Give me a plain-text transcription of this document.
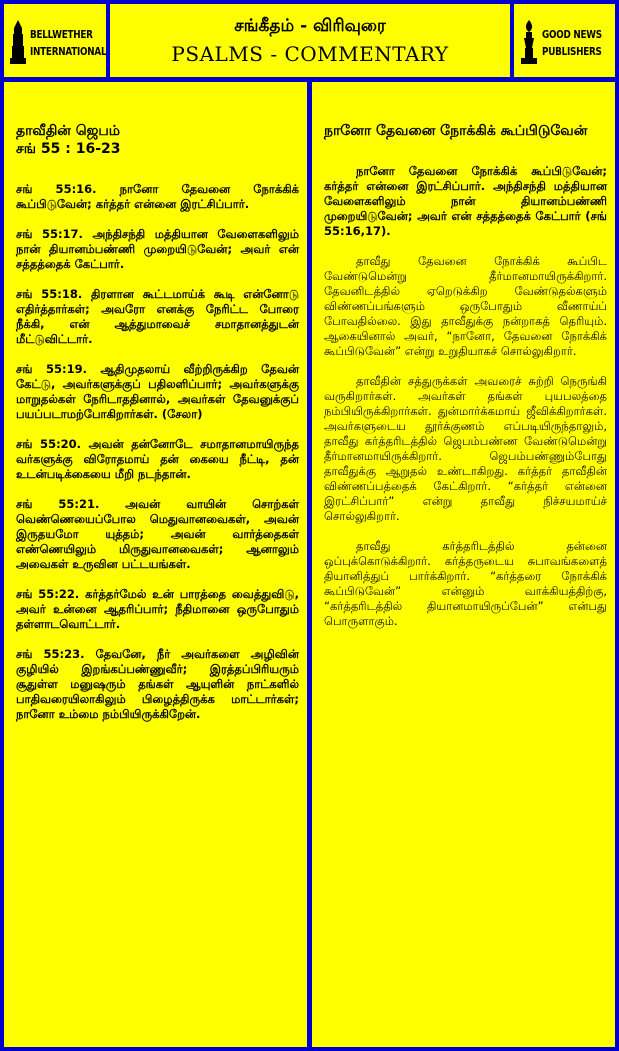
BELLWETHER
INTERNATIONAL
சங்கீதம் - விரிவுரை
PSALMS - COMMENTARY
GOOD NEWS
PUBLISHERS
தாவீதின் ஜெபம்
சங் 55 : 16-23

சங் 55:16. நானோ தேவனை நோக்கிக் கூப்பிடுவேன்; கர்த்தர் என்னை இரட்சிப்பார்.

சங் 55:17. அந்திசந்தி மத்தியான வேளைகளிலும் நான் தியானம்பண்ணி முறையிடுவேன்; அவர் என் சத்தத்தைக் கேட்பார்.

சங் 55:18. திரளான கூட்டமாய்க் கூடி என்னோடு எதிர்த்தார்கள்; அவரோ எனக்கு நேரிட்ட போரை நீக்கி, என் ஆத்துமாவைச் சமாதானத்துடன் மீட்டுவிட்டார்.

சங் 55:19. ஆதிமுதலாய் வீற்றிருக்கிற தேவன் கேட்டு, அவர்களுக்குப் பதிலளிப்பார்; அவர்களுக்கு மாறுதல்கள் நேரிடாததினால், அவர்கள் தேவனுக்குப் பயப்படாமற்போகிறார்கள். (சேலா)

சங் 55:20. அவன் தன்னோடே சமாதானமாயிருந்த வர்களுக்கு விரோதமாய் தன் கையை நீட்டி, தன் உடன்படிக்கையை மீறி நடந்தான்.

சங் 55:21. அவன் வாயின் சொற்கள் வெண்ணெயைப்போல மெதுவானவைகள், அவன் இருதயமோ யுத்தம்; அவன் வார்த்தைகள் எண்ணெயிலும் மிருதுவானவைகள்; ஆனாலும் அவைகள் உருவின பட்டயங்கள்.

சங் 55:22. கர்த்தர்மேல் உன் பாரத்தை வைத்துவிடு, அவர் உன்னை ஆதரிப்பார்; நீதிமானை ஒருபோதும் தள்ளாடவொட்டார்.

சங் 55:23. தேவனே, நீர் அவர்களை அழிவின் குழியில் இறங்கப்பண்ணுவீர்; இரத்தப்பிரியரும் சூதுள்ள மனுஷரும் தங்கள் ஆயுளின் நாட்களில் பாதிவரையிலாகிலும் பிழைத்திருக்க மாட்டார்கள்; நானோ உம்மை நம்பியிருக்கிறேன்.

நானோ தேவனை நோக்கிக் கூப்பிடுவேன்

நானோ தேவனை நோக்கிக் கூப்பிடுவேன்; கர்த்தர் என்னை இரட்சிப்பார். அந்திசந்தி மத்தியான வேளைகளிலும் நான் தியானம்பண்ணி முறையிடுவேன்; அவர் என் சத்தத்தைக் கேட்பார் (சங் 55:16,17).

தாவீது தேவனை நோக்கிக் கூப்பிட வேண்டுமென்று தீர்மானமாயிருக்கிறார். தேவனிடத்தில் ஏறெடுக்கிற வேண்டுதல்களும் விண்ணப்பங்களும் ஒருபோதும் வீணாய்ப் போவதில்லை. இது தாவீதுக்கு நன்றாகத் தெரியும். ஆகையினால் அவர், “நானோ, தேவனை நோக்கிக் கூப்பிடுவேன்” என்று உறுதியாகச் சொல்லுகிறார்.

தாவீதின் சத்துருக்கள் அவரைச் சுற்றி நெருங்கி வருகிறார்கள். அவர்கள் தங்கள் புயபலத்தை நம்பியிருக்கிறார்கள். துன்மார்க்கமாய் ஜீவிக்கிறார்கள். அவர்களுடைய தூர்க்குணம் எப்படியிருந்தாலும், தாவீது கர்த்தரிடத்தில் ஜெபம்பண்ண வேண்டுமென்று தீர்மானமாயிருக்கிறார். ஜெபம்பண்ணும்போது தாவீதுக்கு ஆறுதல் உண்டாகிறது. கர்த்தர் தாவீதின் விண்ணப்பத்தைக் கேட்கிறார். “கர்த்தர் என்னை இரட்சிப்பார்” என்று தாவீது நிச்சயமாய்ச் சொல்லுகிறார்.

தாவீது கர்த்தரிடத்தில் தன்னை ஒப்புக்கொடுக்கிறார். கர்த்தருடைய சுபாவங்களைத் தியானித்துப் பார்க்கிறார். “கர்த்தரை நோக்கிக் கூப்பிடுவேன்” என்னும் வாக்கியத்திற்கு, “கர்த்தரிடத்தில் தியானமாயிருப்பேன்” என்பது பொருளாகும்.
